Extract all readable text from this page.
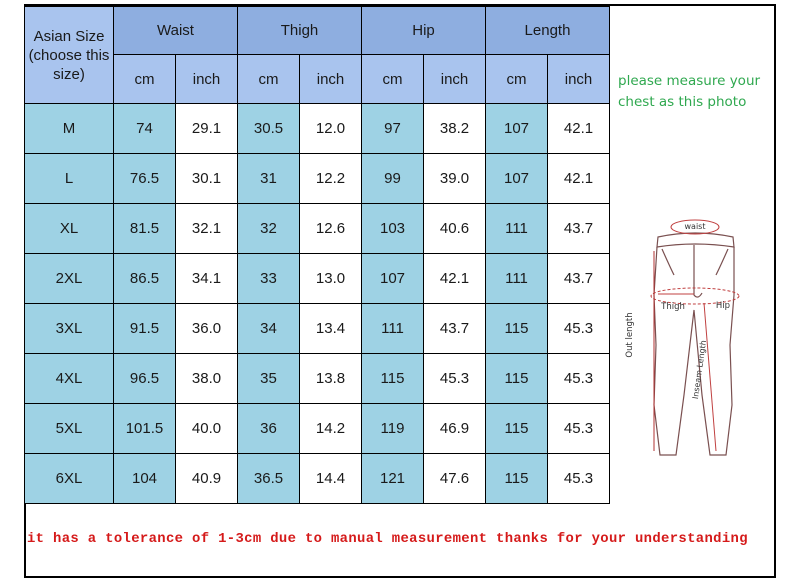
Asian Size
(choose this
size)	Waist		Thigh		Hip		Length	
	cm	inch	cm	inch	cm	inch	cm	inch
M	74	29.1	30.5	12.0	97	38.2	107	42.1
L	76.5	30.1	31	12.2	99	39.0	107	42.1
XL	81.5	32.1	32	12.6	103	40.6	111	43.7
2XL	86.5	34.1	33	13.0	107	42.1	111	43.7
3XL	91.5	36.0	34	13.4	111	43.7	115	45.3
4XL	96.5	38.0	35	13.8	115	45.3	115	45.3
5XL	101.5	40.0	36	14.2	119	46.9	115	45.3
6XL	104	40.9	36.5	14.4	121	47.6	115	45.3
please measure your
chest as this photo
waist
Thigh	Hip
Out length
Inseam Length
it has a tolerance of 1-3cm due to manual measurement thanks for your understanding
